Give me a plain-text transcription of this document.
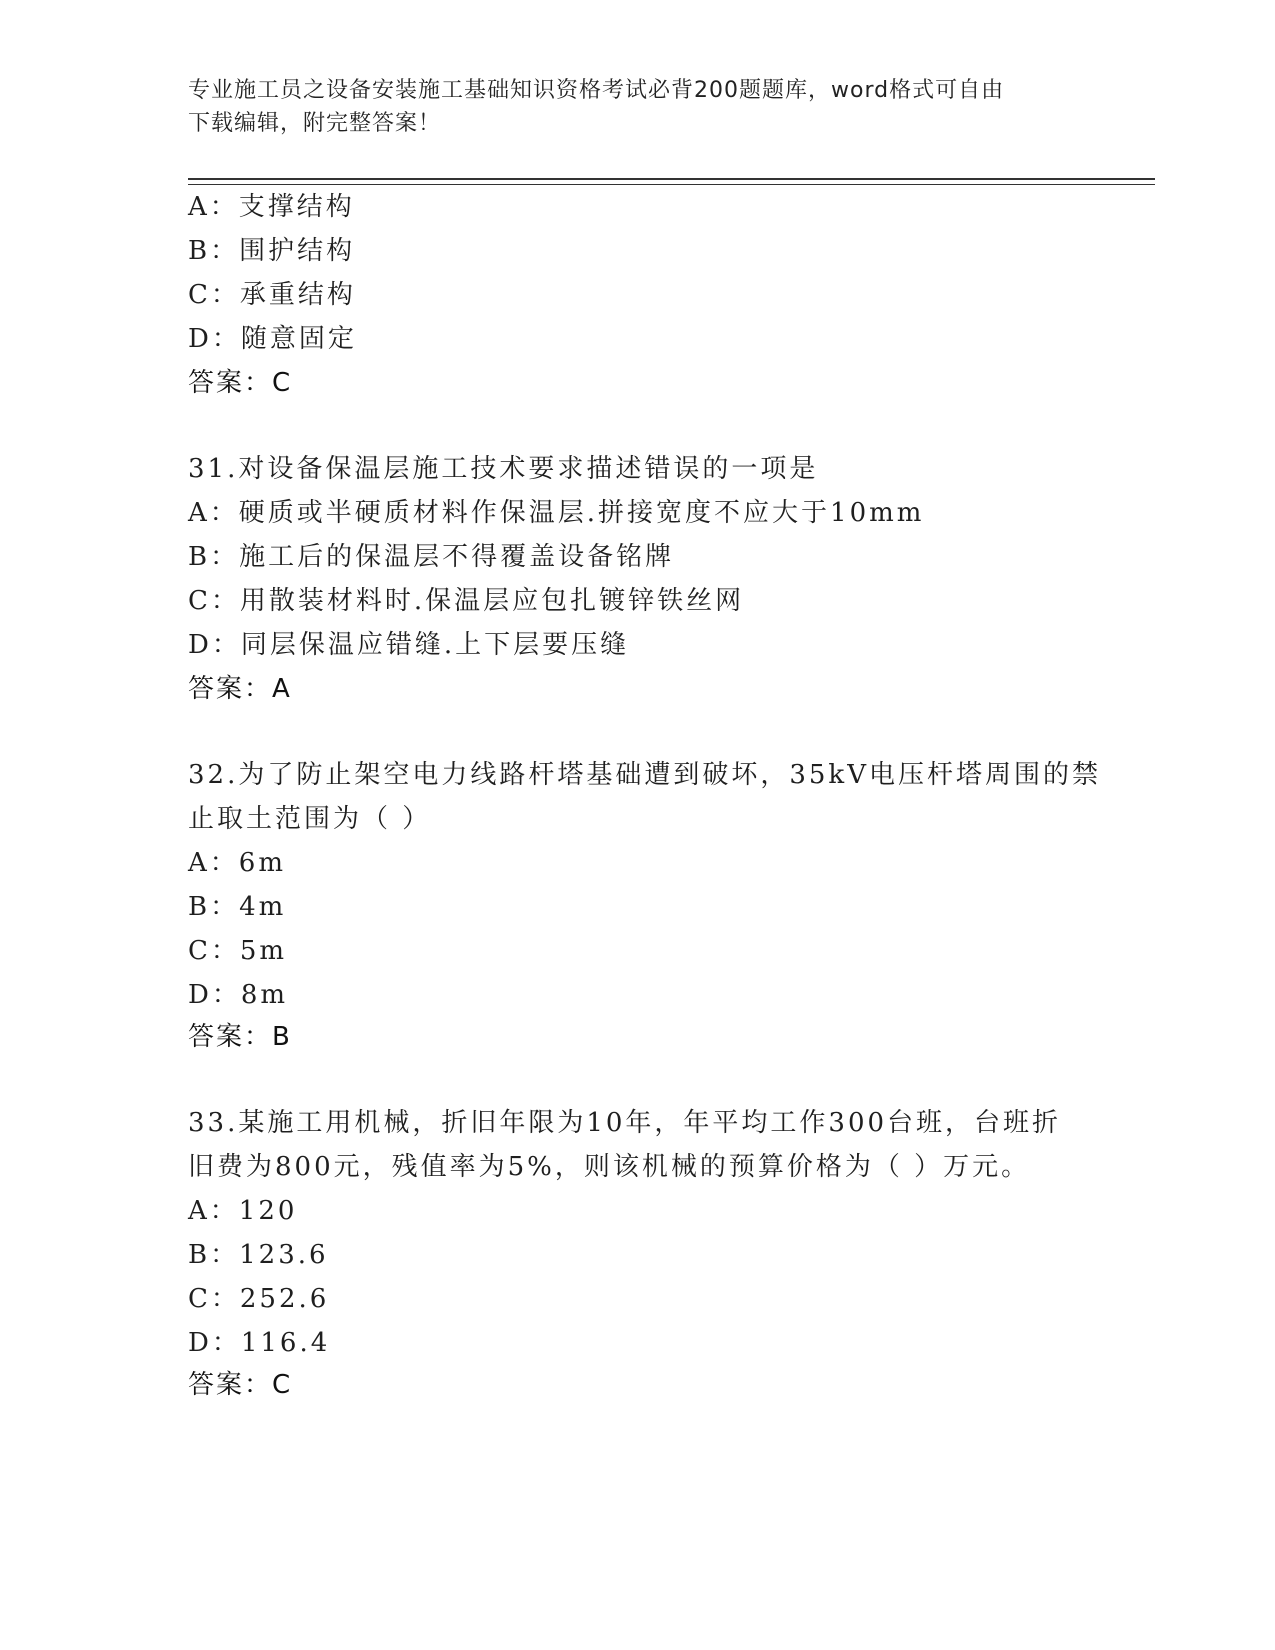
专业施工员之设备安装施工基础知识资格考试必背200题题库，word格式可自由
下载编辑，附完整答案！
A：支撑结构
B：围护结构
C：承重结构
D：随意固定
答案：C
31.对设备保温层施工技术要求描述错误的一项是
A：硬质或半硬质材料作保温层.拼接宽度不应大于10mm
B：施工后的保温层不得覆盖设备铭牌
C：用散装材料时.保温层应包扎镀锌铁丝网
D：同层保温应错缝.上下层要压缝
答案：A
32.为了防止架空电力线路杆塔基础遭到破坏，35kV电压杆塔周围的禁
止取土范围为（ ）
A：6m
B：4m
C：5m
D：8m
答案：B
33.某施工用机械，折旧年限为10年，年平均工作300台班，台班折
旧费为800元，残值率为5%，则该机械的预算价格为（ ）万元。
A：120
B：123.6
C：252.6
D：116.4
答案：C
